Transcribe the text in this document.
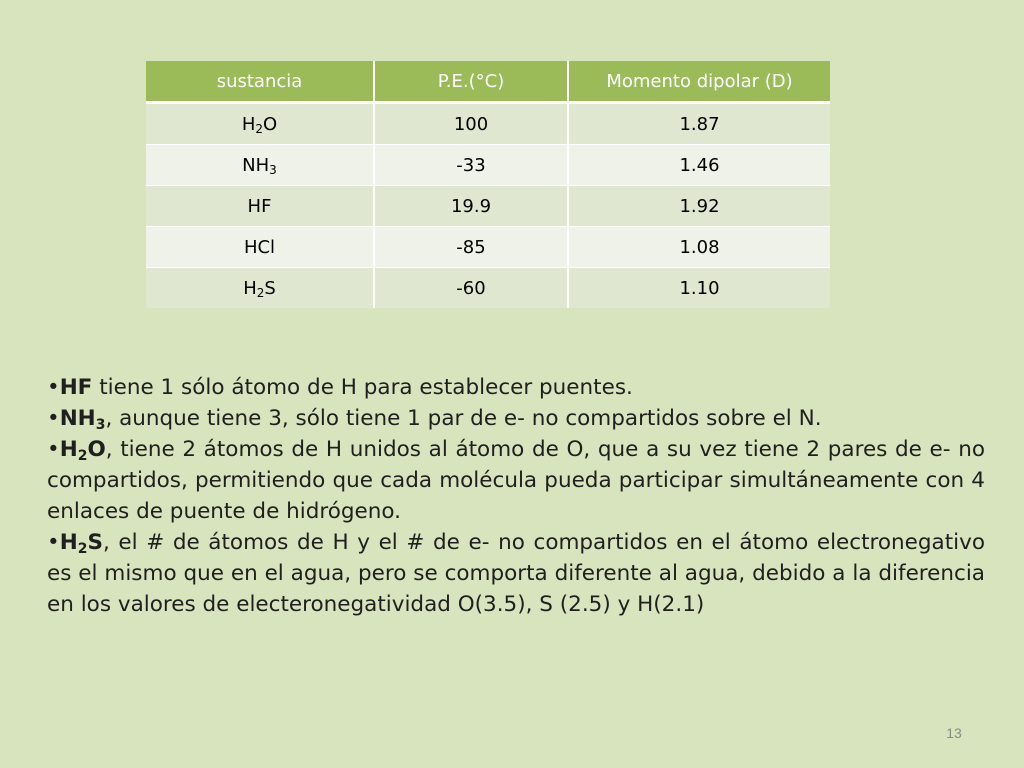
sustancia	P.E.(°C)	Momento dipolar (D)
$H_2O$	100	1.87
$NH_3$	-33	1.46
HF	19.9	1.92
HCl	-85	1.08
$H_2S$	-60	1.10

•HF tiene 1 sólo átomo de H para establecer puentes.

$•NH_3$, aunque tiene 3, sólo tiene 1 par de e- no compartidos sobre el N.

$•H_2O$, tiene 2 átomos de H unidos al átomo de O, que a su vez tiene 2 pares de e- no compartidos, permitiendo que cada molécula pueda participar simultáneamente con 4 enlaces de puente de hidrógeno.

$•H_2S$, el # de átomos de H y el # de e- no compartidos en el átomo electronegativo es el mismo que en el agua, pero se comporta diferente al agua, debido a la diferencia en los valores de electeronegatividad O(3.5), S (2.5) y H(2.1)

13
